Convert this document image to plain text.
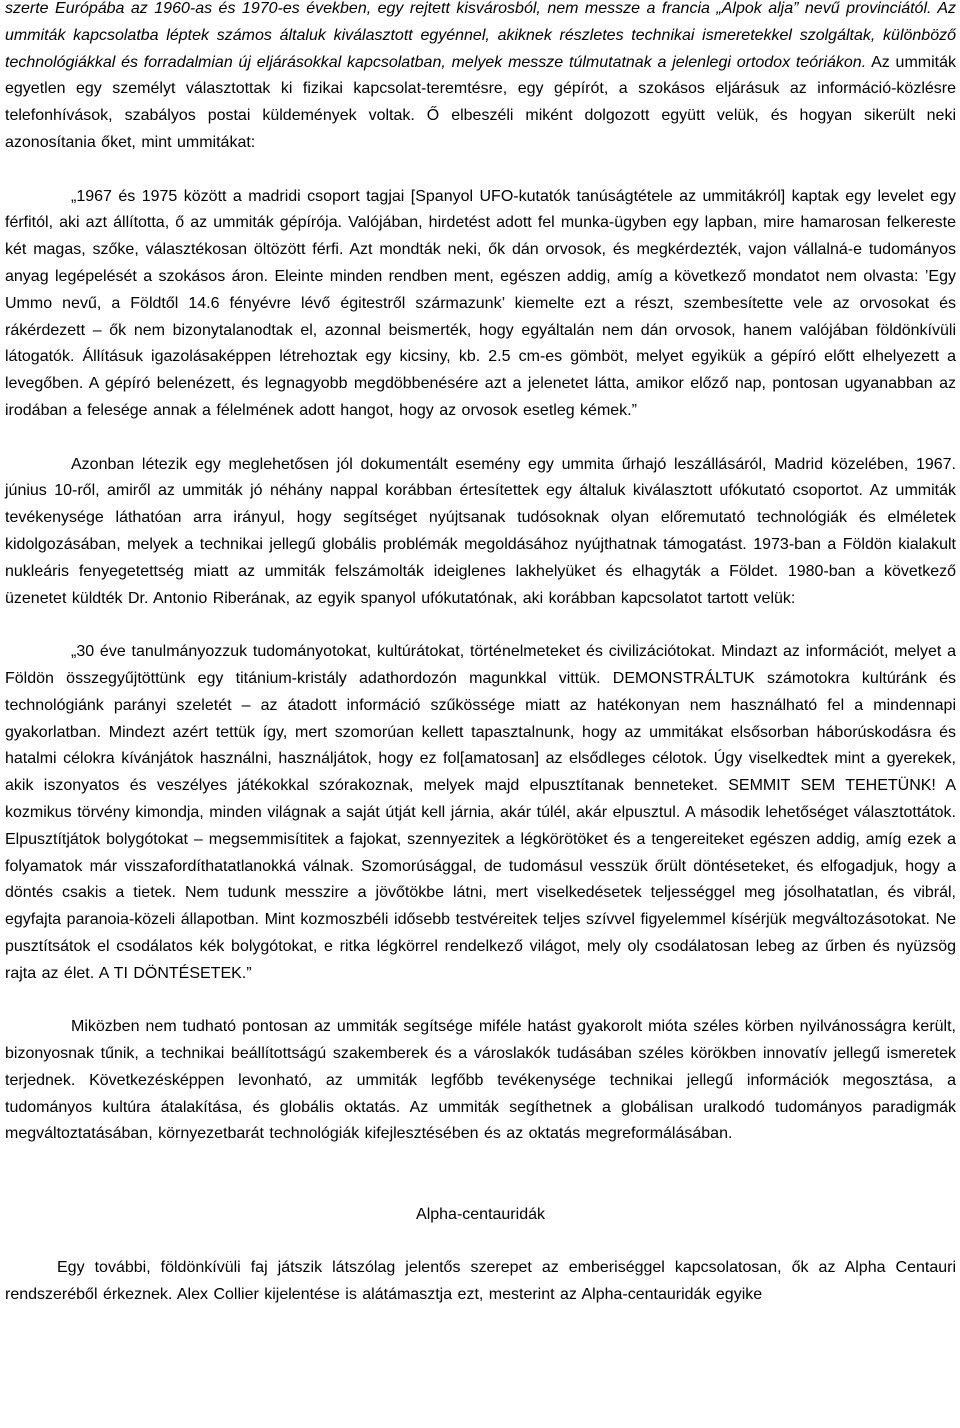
szerte Európába az 1960-as és 1970-es években, egy rejtett kisvárosból, nem messze a francia „Alpok alja” nevű provinciától. Az ummiták kapcsolatba léptek számos általuk kiválasztott egyénnel, akiknek részletes technikai ismeretekkel szolgáltak, különböző technológiákkal és forradalmian új eljárásokkal kapcsolatban, melyek messze túlmutatnak a jelenlegi ortodox teóriákon. Az ummiták egyetlen egy személyt választottak ki fizikai kapcsolat-teremtésre, egy gépírót, a szokásos eljárásuk az információ-közlésre telefonhívások, szabályos postai küldemények voltak. Ő elbeszéli miként dolgozott együtt velük, és hogyan sikerült neki azonosítania őket, mint ummitákat:

„1967 és 1975 között a madridi csoport tagjai [Spanyol UFO-kutatók tanúságtétele az ummitákról] kaptak egy levelet egy férfitól, aki azt állította, ő az ummiták gépírója. Valójában, hirdetést adott fel munka-ügyben egy lapban, mire hamarosan felkereste két magas, szőke, választékosan öltözött férfi. Azt mondták neki, ők dán orvosok, és megkérdezték, vajon vállalná-e tudományos anyag legépelését a szokásos áron. Eleinte minden rendben ment, egészen addig, amíg a következő mondatot nem olvasta: ’Egy Ummo nevű, a Földtől 14.6 fényévre lévő égitestről származunk’ kiemelte ezt a részt, szembesítette vele az orvosokat és rákérdezett – ők nem bizonytalanodtak el, azonnal beismerték, hogy egyáltalán nem dán orvosok, hanem valójában földönkívüli látogatók. Állításuk igazolásaképpen létrehoztak egy kicsiny, kb. 2.5 cm-es gömböt, melyet egyikük a gépíró előtt elhelyezett a levegőben. A gépíró belenézett, és legnagyobb megdöbbenésére azt a jelenetet látta, amikor előző nap, pontosan ugyanabban az irodában a felesége annak a félelmének adott hangot, hogy az orvosok esetleg kémek.”

Azonban létezik egy meglehetősen jól dokumentált esemény egy ummita űrhajó leszállásáról, Madrid közelében, 1967. június 10-ről, amiről az ummiták jó néhány nappal korábban értesítettek egy általuk kiválasztott ufókutató csoportot. Az ummiták tevékenysége láthatóan arra irányul, hogy segítséget nyújtsanak tudósoknak olyan előremutató technológiák és elméletek kidolgozásában, melyek a technikai jellegű globális problémák megoldásához nyújthatnak támogatást. 1973-ban a Földön kialakult nukleáris fenyegetettség miatt az ummiták felszámolták ideiglenes lakhelyüket és elhagyták a Földet. 1980-ban a következő üzenetet küldték Dr. Antonio Riberának, az egyik spanyol ufókutatónak, aki korábban kapcsolatot tartott velük:

„30 éve tanulmányozzuk tudományotokat, kultúrátokat, történelmeteket és civilizációtokat. Mindazt az információt, melyet a Földön összegyűjtöttünk egy titánium-kristály adathordozón magunkkal vittük. DEMONSTRÁLTUK számotokra kultúránk és technológiánk parányi szeletét – az átadott információ szűkössége miatt az hatékonyan nem használható fel a mindennapi gyakorlatban. Mindezt azért tettük így, mert szomorúan kellett tapasztalnunk, hogy az ummitákat elsősorban háborúskodásra és hatalmi célokra kívánjátok használni, használjátok, hogy ez fol[amatosan] az elsődleges célotok. Úgy viselkedtek mint a gyerekek, akik iszonyatos és veszélyes játékokkal szórakoznak, melyek majd elpusztítanak benneteket. SEMMIT SEM TEHETÜNK! A kozmikus törvény kimondja, minden világnak a saját útját kell járnia, akár túlél, akár elpusztul. A második lehetőséget választottátok. Elpusztítjátok bolygótokat – megsemmisítitek a fajokat, szennyezitek a légkörötöket és a tengereiteket egészen addig, amíg ezek a folyamatok már visszafordíthatatlanokká válnak. Szomorúsággal, de tudomásul vesszük őrült döntéseteket, és elfogadjuk, hogy a döntés csakis a tietek. Nem tudunk messzire a jövőtökbe látni, mert viselkedésetek teljességgel meg jósolhatatlan, és vibrál, egyfajta paranoia-közeli állapotban. Mint kozmoszbéli idősebb testvéreitek teljes szívvel figyelemmel kísérjük megváltozásotokat. Ne pusztítsátok el csodálatos kék bolygótokat, e ritka légkörrel rendelkező világot, mely oly csodálatosan lebeg az űrben és nyüzsög rajta az élet. A TI DÖNTÉSETEK.”

Miközben nem tudható pontosan az ummiták segítsége miféle hatást gyakorolt mióta széles körben nyilvánosságra került, bizonyosnak tűnik, a technikai beállítottságú szakemberek és a városlakók tudásában széles körökben innovatív jellegű ismeretek terjednek. Következésképpen levonható, az ummiták legfőbb tevékenysége technikai jellegű információk megosztása, a tudományos kultúra átalakítása, és globális oktatás. Az ummiták segíthetnek a globálisan uralkodó tudományos paradigmák megváltoztatásában, környezetbarát technológiák kifejlesztésében és az oktatás megreformálásában.

Alpha-centauridák

Egy további, földönkívüli faj játszik látszólag jelentős szerepet az emberiséggel kapcsolatosan, ők az Alpha Centauri rendszeréből érkeznek. Alex Collier kijelentése is alátámasztja ezt, mesterint az Alpha-centauridák egyike
